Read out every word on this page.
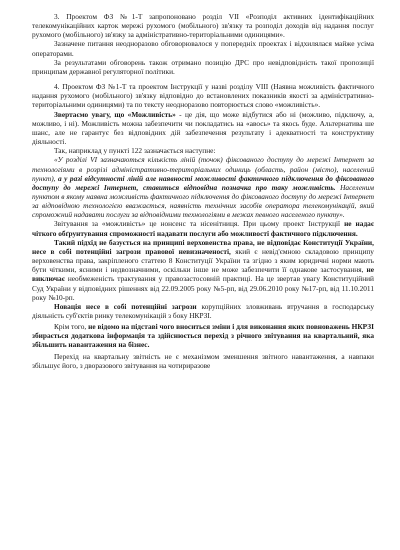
3. Проектом ФЗ №1-Т запропоновано розділ VII «Розподіл активних ідентифікаційних телекомунікаційних карток мережі рухомого (мобільного) зв'язку та розподіл доходів від надання послуг рухомого (мобільного) зв'язку за адміністративно-територіальними одиницями».

Зазначене питання неодноразово обговорювалося у попередніх проектах і відхилялася майже усіма операторами.

За результатами обговорень також отримано позицію ДРС про невідповідність такої пропозиції принципам державної регуляторної політики.

4. Проектом ФЗ №1-Т та проектом Інструкції у назві розділу VIII (Наявна можливість фактичного надання рухомого (мобільного) зв'язку відповідно до встановлених показників якості за адміністративно-територіальними одиницями) та по тексту неодноразово повторюється слово «можливість».

Звертаємо увагу, що «Можливість» - це дія, що може відбутися або ні (можливо, підключу, а, можливо, і ні). Можливість можна забезпечити чи покладатись на «авось» та якось буде. Альтернатива ше шанс, але не гарантує без відповідних дій забезпечення результату і адекватності та конструктиву діяльності.

Так, наприклад у пункті 122 зазначається наступне:

«У розділі VI зазначаються кількість ліній (точок) фіксованого доступу до мережі Інтернет за технологіями в розрізі адміністративно-територіальних одиниць (область, район (місто), населений пункт), а у разі відсутності ліній але наявності можливості фактичного підключення до фіксованого доступу до мережі Інтернет, ставиться відповідна позначка про таку можливість. Населеним пунктом в якому наявна можливість фактичного підключення до фіксованого доступу до мережі Інтернет за відповідною технологією вважається, наявність технічних засобів оператора телекомунікацій, який спроможний надавати послуги за відповідними технологіями в межах певного населеного пункту».

Звітування за «можливість» це нонсенс та нісенітниця. При цьому проект Інструкції не надає чіткого обґрунтування спроможності надавати послуги або можливості фактичного підключення.

Такий підхід не базується на принципі верховенства права, не відповідає Конституції України, несе в собі потенційні загрози правової невизначеності, який є невід'ємною складовою принципу верховенства права, закріпленого статтею 8 Конституції України та згідно з яким юридичні норми мають бути чіткими, ясними і недвозначними, оскільки інше не може забезпечити її однакове застосування, не виключає необмеженість трактування у правозастосовній практиці. На це звертав увагу Конституційний Суд України у відповідних рішеннях від 22.09.2005 року №5-рп, від 29.06.2010 року №17-рп, від 11.10.2011 року №10-рп.

Новація несе в собі потенційні загрози корупційних зловживань втручання в господарську діяльність суб'єктів ринку телекомунікацій з боку НКРЗІ.

Крім того, не відомо на підставі чого вноситься зміни і для виконання яких повноважень НКРЗІ збирається додаткова інформація та здійснюється перехід з річного звітування на квартальний, яка збільшить навантаження на бізнес.

Перехід на квартальну звітність не є механізмом зменшення звітного навантаження, а навпаки збільшує його, з дворазового звітування на чотириразове
